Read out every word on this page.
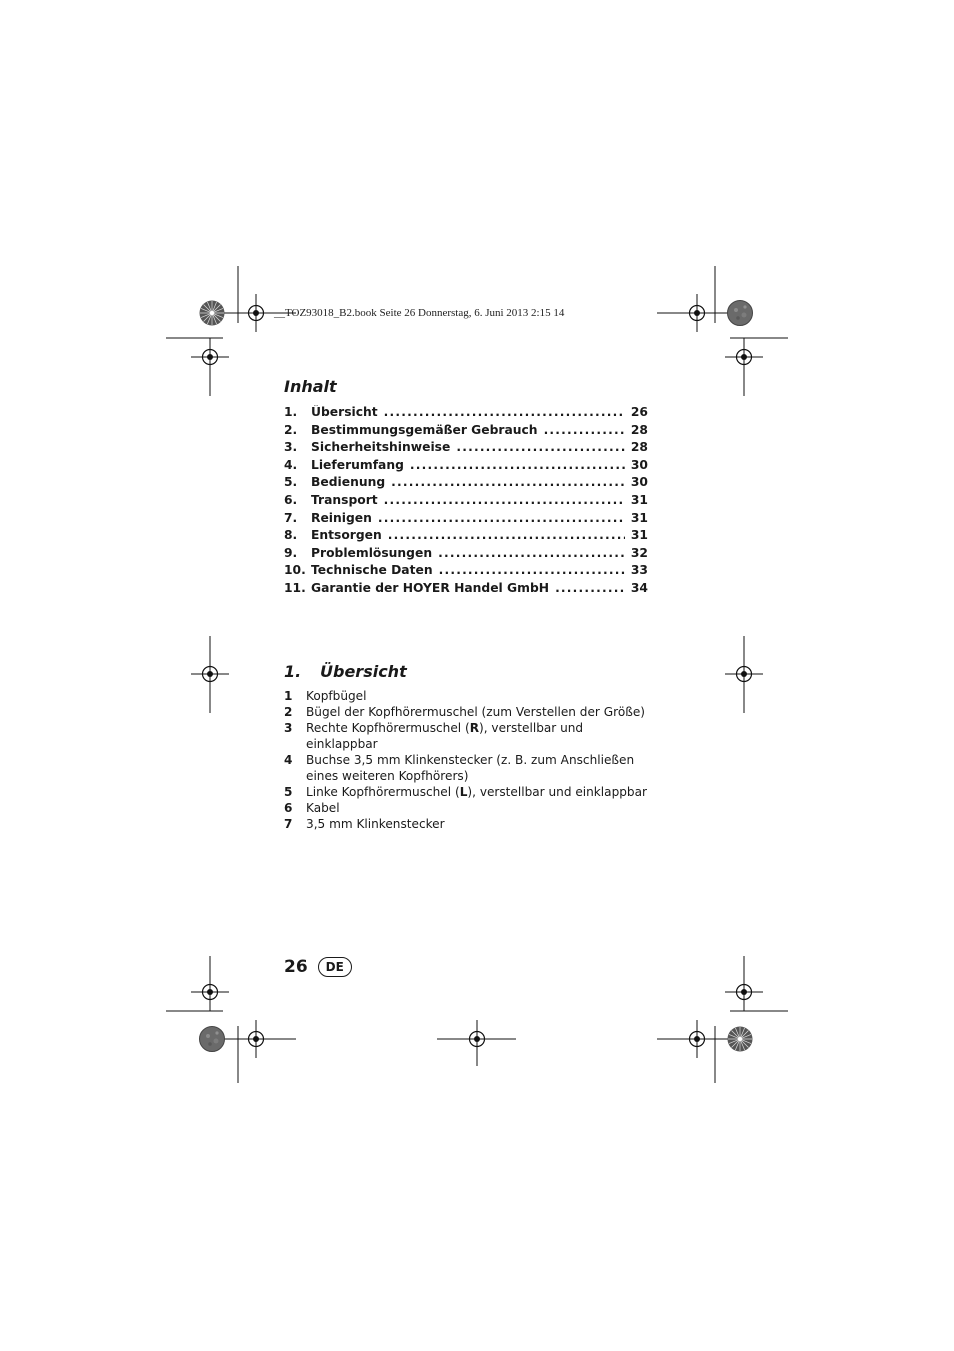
__TOZ93018_B2.book Seite 26 Donnerstag, 6. Juni 2013 2:15 14
Inhalt
1.	Übersicht .....	26
2.	Bestimmungsgemäßer Gebrauch .....	28
3.	Sicherheitshinweise .....	28
4.	Lieferumfang .....	30
5.	Bedienung .....	30
6.	Transport .....	31
7.	Reinigen .....	31
8.	Entsorgen .....	31
9.	Problemlösungen .....	32
10. Technische Daten .....	33
11. Garantie der HOYER Handel GmbH .....	34
1.	Übersicht
1	Kopfbügel
2	Bügel der Kopfhörermuschel (zum Verstellen der Größe)
3	Rechte Kopfhörermuschel (R), verstellbar und einklappbar
4	Buchse 3,5 mm Klinkenstecker (z. B. zum Anschließen eines weiteren Kopfhörers)
5	Linke Kopfhörermuschel (L), verstellbar und einklappbar
6	Kabel
7	3,5 mm Klinkenstecker
26	DE
